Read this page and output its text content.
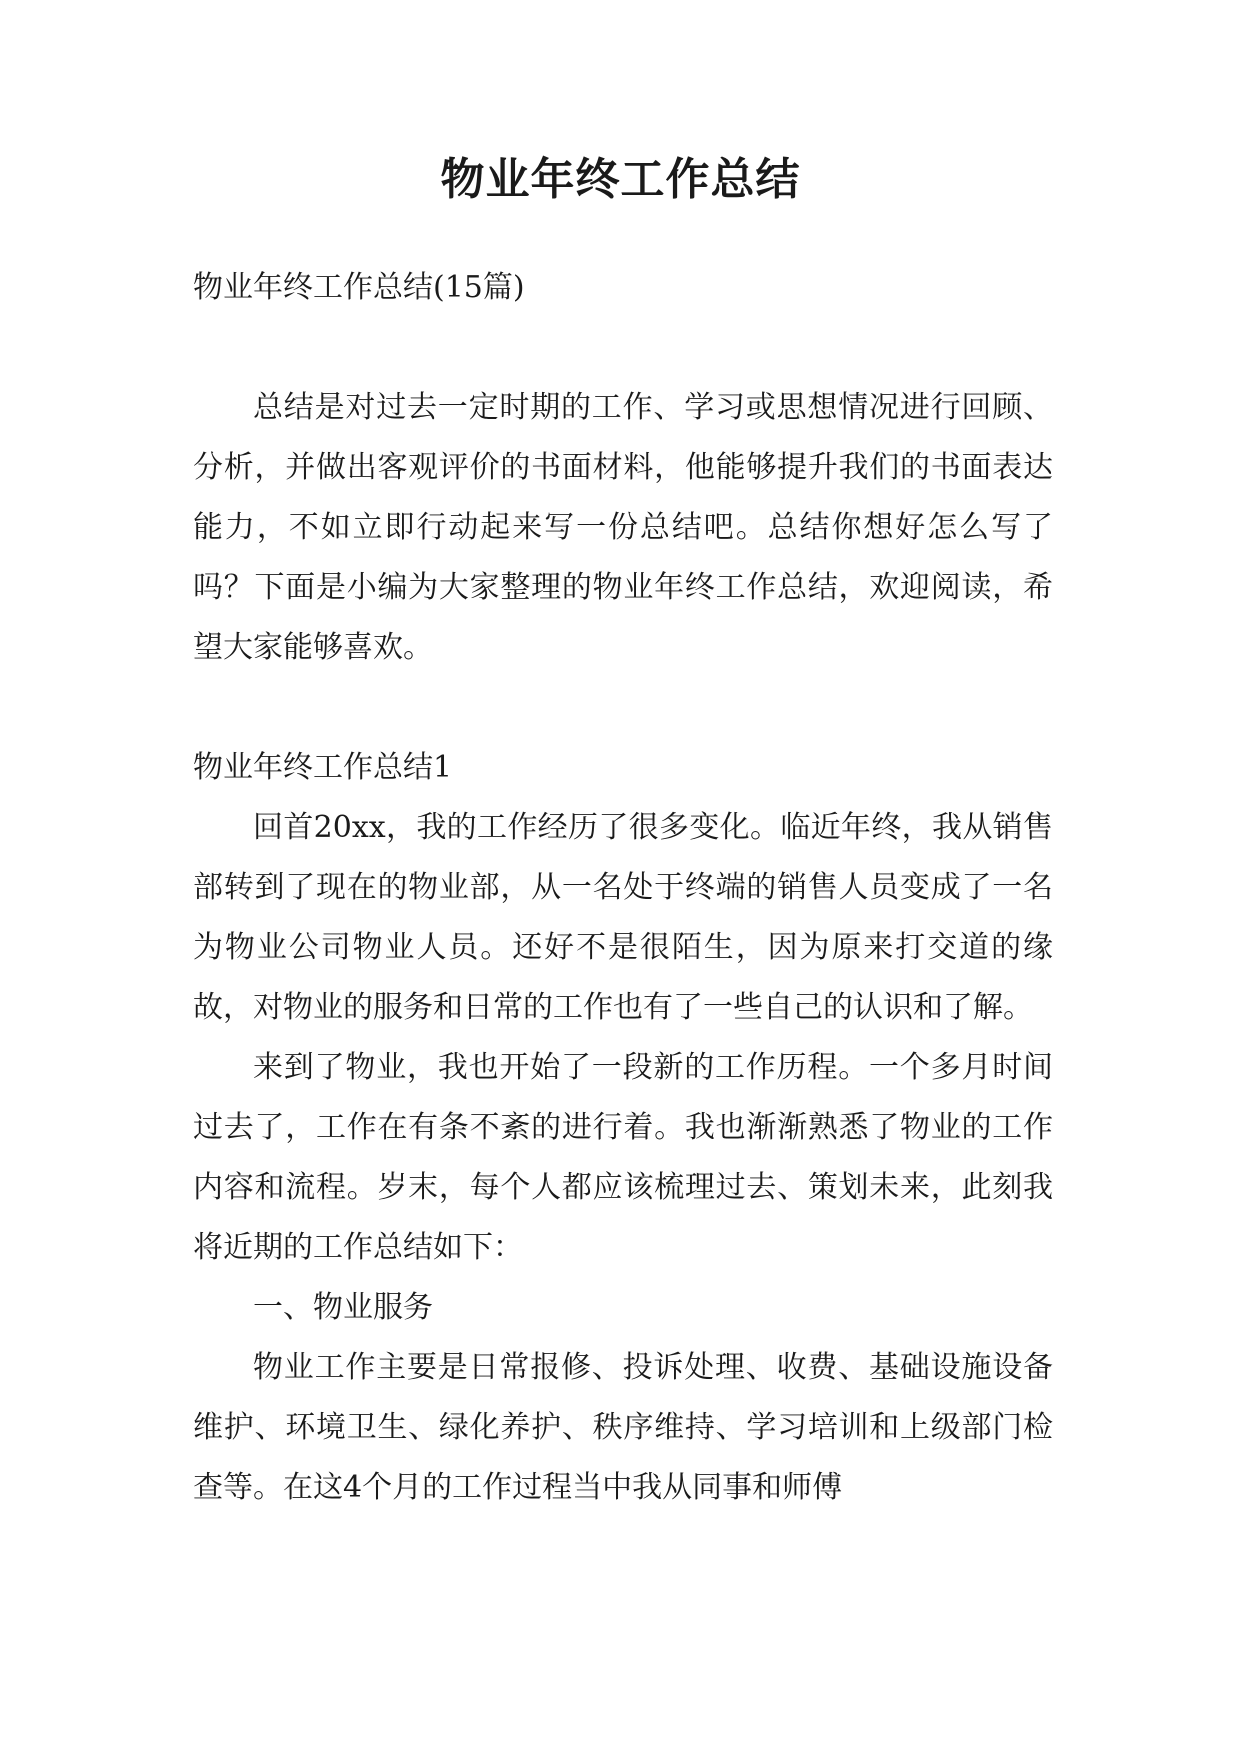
物业年终工作总结

物业年终工作总结(15篇)

总结是对过去一定时期的工作、学习或思想情况进行回顾、分析，并做出客观评价的书面材料，他能够提升我们的书面表达能力，不如立即行动起来写一份总结吧。总结你想好怎么写了吗？下面是小编为大家整理的物业年终工作总结，欢迎阅读，希望大家能够喜欢。

物业年终工作总结1

回首20xx，我的工作经历了很多变化。临近年终，我从销售部转到了现在的物业部，从一名处于终端的销售人员变成了一名为物业公司物业人员。还好不是很陌生，因为原来打交道的缘故，对物业的服务和日常的工作也有了一些自己的认识和了解。

来到了物业，我也开始了一段新的工作历程。一个多月时间过去了，工作在有条不紊的进行着。我也渐渐熟悉了物业的工作内容和流程。岁末，每个人都应该梳理过去、策划未来，此刻我将近期的工作总结如下：

一、物业服务

物业工作主要是日常报修、投诉处理、收费、基础设施设备维护、环境卫生、绿化养护、秩序维持、学习培训和上级部门检查等。在这4个月的工作过程当中我从同事和师傅
